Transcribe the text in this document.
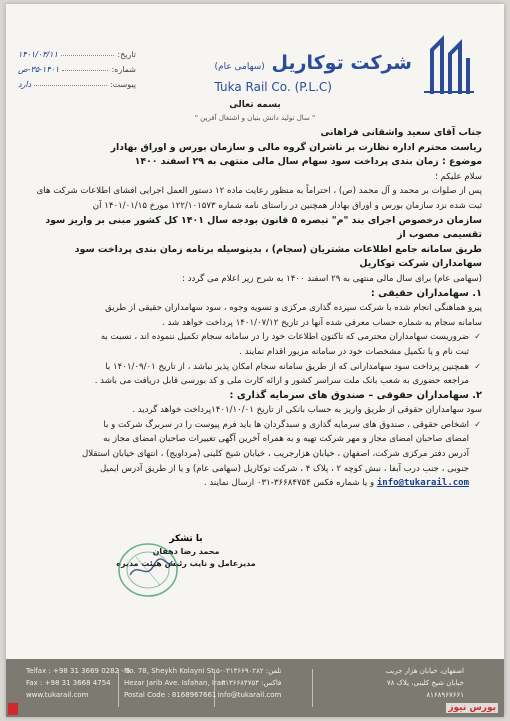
شرکت توکاریل (سهامی عام)
Tuka Rail Co. (P.L.C)
تاریخ:
۱۴۰۱/۰۳/۱۱
شماره:
۳۵-۱۴۰۱-ص
پیوست:
دارد
بسمه تعالی
" سال تولید دانش بنیان و اشتغال آفرین "

جناب آقای سعید واشقانی فراهانی

ریاست محترم اداره نظارت بر ناشران گروه مالی و سازمان بورس و اوراق بهادار

موضوع : زمان بندی پرداخت سود سهام سال مالی منتهی به ۲۹ اسفند ۱۴۰۰

سلام علیکم ؛

پس از صلوات بر محمد و آل محمد (ص) ، احتراماً به منظور رعایت ماده ۱۲ دستور العمل اجرایی افشای اطلاعات شرکت های

ثبت شده نزد سازمان بورس و اوراق بهادار همچنین در راستای نامه شماره ۱۲۲/۱۰۱۵۷۳ مورخ ۱۴۰۱/۰۱/۱۵ آن

سازمان درخصوص اجرای بند "م" تبصره ۵ قانون بودجه سال ۱۴۰۱ کل کشور مبنی بر واریز سود تقسیمی مصوب از

طریق سامانه جامع اطلاعات مشتریان (سجام) ، بدینوسیله برنامه زمان بندی پرداخت سود سهامداران شرکت توکاریل

(سهامی عام) برای سال مالی منتهی به ۲۹ اسفند ۱۴۰۰ به شرح زیر اعلام می گردد :

۱. سهامداران حقیقی :

پیرو هماهنگی انجام شده با شرکت سپرده گذاری مرکزی و تسویه وجوه ، سود سهامداران حقیقی از طریق

سامانه سجام به شماره حساب معرفی شده آنها در تاریخ ۱۴۰۱/۰۷/۱۲ پرداخت خواهد شد .

✓ ضروریست سهامداران محترمی که تاکنون اطلاعات خود را در سامانه سجام تکمیل ننموده اند ، نسبت به

ثبت نام و یا تکمیل مشخصات خود در سامانه مزبور اقدام نمایند .

✓ همچنین پرداخت سود سهامدارانی که از طریق سامانه سجام امکان پذیر نباشد ، از تاریخ ۱۴۰۱/۰۹/۰۱ با

مراجعه حضوری به شعب بانک ملت سراسر کشور و ارائه کارت ملی و کد بورسی قابل دریافت می باشد .

۲. سهامداران حقوقی – صندوق های سرمایه گذاری :

سود سهامداران حقوقی از طریق واریز به حساب بانکی از تاریخ ۱۴۰۱/۱۰/۰۱پرداخت خواهد گردید .

✓ اشخاص حقوقی ، صندوق های سرمایه گذاری و سبدگردان ها باید فرم پیوست را در سربرگ شرکت و با

امضای صاحبان امضای مجاز و مهر شرکت تهیه و به همراه آخرین آگهی تغییرات صاحبان امضای مجاز به

آدرس دفتر مرکزی شرکت، اصفهان ، خیابان هزارجریب ، خیابان شیخ کلینی (مرداویج) ، انتهای خیابان استقلال

جنوبی ، جنب درب آبفا ، نبش کوچه ۲ ، پلاک ۴ ، شرکت توکاریل (سهامی عام) و یا از طریق آدرس ایمیل

info@tukarail.com و یا شماره فکس ۳۶۶۸۴۷۵۴-۰۳۱ ارسال نمایند .

با تشکر
محمد رضا دهقان
مدیرعامل و نایب رئیس هیئت مدیره
اصفهان، خیابان هزار جریب
خیابان شیخ کلینی، پلاک ۷۸
۸۱۶۸۹۶۷۶۶۱
تلفن: ۰۳۱۳۶۶۹۰۲۸۲-۵
فاکس: ۰۳۱۳۶۶۸۴۷۵۴
info@tukarail.com
No. 78, Sheykh Kolayni St.
Hezar Jarib Ave. Isfahan, Iran
Postal Code : 8168967661
Telfax : +98 31 3669 0282 - 5
Fax : +98 31 3668 4754
www.tukarail.com
بورس نیوز
